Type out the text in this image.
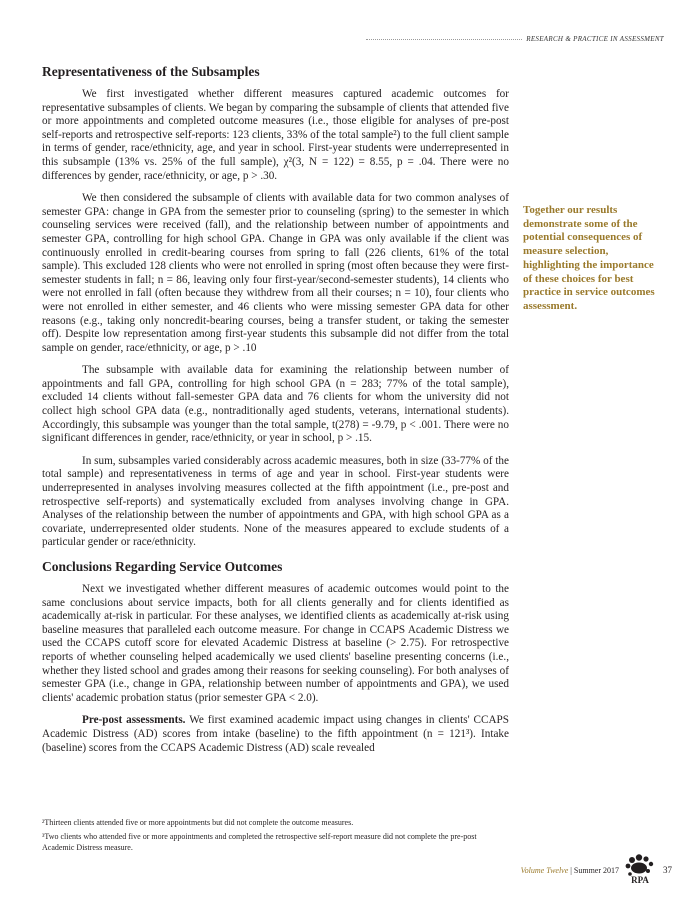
RESEARCH & PRACTICE IN ASSESSMENT
Representativeness of the Subsamples

We first investigated whether different measures captured academic outcomes for representative subsamples of clients. We began by comparing the subsample of clients that attended five or more appointments and completed outcome measures (i.e., those eligible for analyses of pre-post self-reports and retrospective self-reports: 123 clients, 33% of the total sample²) to the full client sample in terms of gender, race/ethnicity, age, and year in school. First-year students were underrepresented in this subsample (13% vs. 25% of the full sample), χ²(3, N = 122) = 8.55, p = .04. There were no differences by gender, race/ethnicity, or age, p > .30.

We then considered the subsample of clients with available data for two common analyses of semester GPA: change in GPA from the semester prior to counseling (spring) to the semester in which counseling services were received (fall), and the relationship between number of appointments and semester GPA, controlling for high school GPA. Change in GPA was only available if the client was continuously enrolled in credit-bearing courses from spring to fall (226 clients, 61% of the total sample). This excluded 128 clients who were not enrolled in spring (most often because they were first-semester students in fall; n = 86, leaving only four first-year/second-semester students), 14 clients who were not enrolled in fall (often because they withdrew from all their courses; n = 10), four clients who were not enrolled in either semester, and 46 clients who were missing semester GPA data for other reasons (e.g., taking only noncredit-bearing courses, being a transfer student, or taking the semester off). Despite low representation among first-year students this subsample did not differ from the total sample on gender, race/ethnicity, or age, p > .10

The subsample with available data for examining the relationship between number of appointments and fall GPA, controlling for high school GPA (n = 283; 77% of the total sample), excluded 14 clients without fall-semester GPA data and 76 clients for whom the university did not collect high school GPA data (e.g., nontraditionally aged students, veterans, international students). Accordingly, this subsample was younger than the total sample, t(278) = -9.79, p < .001. There were no significant differences in gender, race/ethnicity, or year in school, p > .15.

In sum, subsamples varied considerably across academic measures, both in size (33-77% of the total sample) and representativeness in terms of age and year in school. First-year students were underrepresented in analyses involving measures collected at the fifth appointment (i.e., pre-post and retrospective self-reports) and systematically excluded from analyses involving change in GPA. Analyses of the relationship between the number of appointments and GPA, with high school GPA as a covariate, underrepresented older students. None of the measures appeared to exclude students of a particular gender or race/ethnicity.

Conclusions Regarding Service Outcomes

Next we investigated whether different measures of academic outcomes would point to the same conclusions about service impacts, both for all clients generally and for clients identified as academically at-risk in particular. For these analyses, we identified clients as academically at-risk using baseline measures that paralleled each outcome measure. For change in CCAPS Academic Distress we used the CCAPS cutoff score for elevated Academic Distress at baseline (> 2.75). For retrospective reports of whether counseling helped academically we used clients' baseline presenting concerns (i.e., whether they listed school and grades among their reasons for seeking counseling). For both analyses of semester GPA (i.e., change in GPA, relationship between number of appointments and GPA), we used clients' academic probation status (prior semester GPA < 2.0).

Pre-post assessments. We first examined academic impact using changes in clients' CCAPS Academic Distress (AD) scores from intake (baseline) to the fifth appointment (n = 121³). Intake (baseline) scores from the CCAPS Academic Distress (AD) scale revealed

Together our results demonstrate some of the potential consequences of measure selection, highlighting the importance of these choices for best practice in service outcomes assessment.
²Thirteen clients attended five or more appointments but did not complete the outcome measures.
³Two clients who attended five or more appointments and completed the retrospective self-report measure did not complete the pre-post Academic Distress measure.
Volume Twelve | Summer 2017
RPA
37
